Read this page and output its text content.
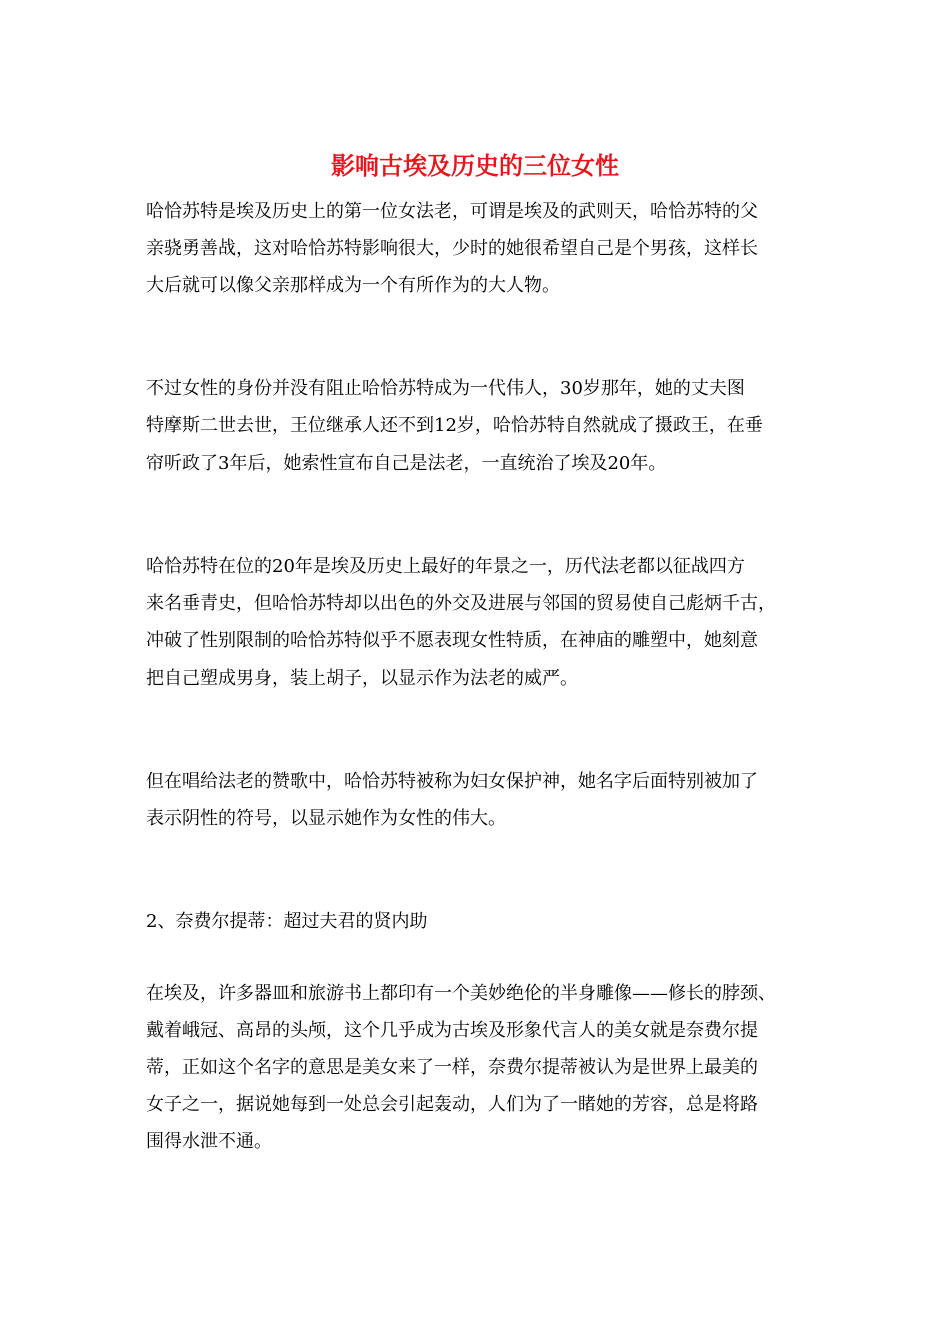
影响古埃及历史的三位女性

哈恰苏特是埃及历史上的第一位女法老，可谓是埃及的武则天，哈恰苏特的父

亲骁勇善战，这对哈恰苏特影响很大，少时的她很希望自己是个男孩，这样长

大后就可以像父亲那样成为一个有所作为的大人物。

不过女性的身份并没有阻止哈恰苏特成为一代伟人，30岁那年，她的丈夫图

特摩斯二世去世，王位继承人还不到12岁，哈恰苏特自然就成了摄政王，在垂

帘听政了3年后，她索性宣布自己是法老，一直统治了埃及20年。

哈恰苏特在位的20年是埃及历史上最好的年景之一，历代法老都以征战四方

来名垂青史，但哈恰苏特却以出色的外交及进展与邻国的贸易使自己彪炳千古，

冲破了性别限制的哈恰苏特似乎不愿表现女性特质，在神庙的雕塑中，她刻意

把自己塑成男身，装上胡子，以显示作为法老的威严。

但在唱给法老的赞歌中，哈恰苏特被称为妇女保护神，她名字后面特别被加了

表示阴性的符号，以显示她作为女性的伟大。

2、奈费尔提蒂：超过夫君的贤内助

在埃及，许多器皿和旅游书上都印有一个美妙绝伦的半身雕像——修长的脖颈、

戴着峨冠、高昂的头颅，这个几乎成为古埃及形象代言人的美女就是奈费尔提

蒂，正如这个名字的意思是美女来了一样，奈费尔提蒂被认为是世界上最美的

女子之一，据说她每到一处总会引起轰动，人们为了一睹她的芳容，总是将路

围得水泄不通。
